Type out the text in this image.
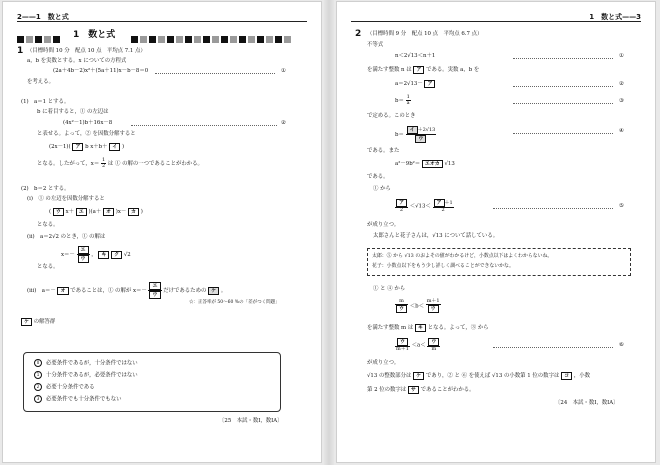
2——1　数と式
1　 数と式
1 （目標時間 10 分　配点 10 点　平均点 7.1 点）
a，b を実数とする。x についての方程式
(2a＋4b－2)x²＋(5a＋11)x－b－8＝0	①
を考える。
(1)　a＝1 とする。
b に着目すると，① の左辺は
(4x²－1)b＋16x－8	②
と表せる。よって，② を因数分解すると
(2x－1)( ア b x＋b＋ イ )
となる。したがって，$x= \frac{1}{2}$ は ① の解の一つであることがわかる。
(2)　b＝2 とする。
(i)　① の左辺を因数分解すると
( ウ x＋ エ )(a＋ オ )x－ カ )
となる。
(ii)　a＝2√2 のとき，① の解は
$x=- \frac{\text{エ}}{\text{ウ}}$ ， キ ク √2
となる。
(iii)　a＝－ オ であることは，① の解が $x=- \frac{\text{エ}}{\text{ウ}}$ だけであるための ケ 。
☆：正答率が 50～60 %の「差がつく問題」
ケ の解答群
0 必要条件であるが，十分条件ではない
1 十分条件であるが，必要条件ではない
2 必要十分条件である
3 必要条件でも十分条件でもない
〔25　本試・数Ⅰ，数ⅠA〕
1　数と式——3
2 （目標時間 9 分　配点 10 点　平均点 6.7 点）
不等式
n＜2√13＜n＋1	①
を満たす整数 n は ア である。実数 a，b を
a＝2√13－ ア	②
$b= \frac{1}{a}$	③
で定める。このとき
$b= \frac{\text{イ ＋2√13}}{\text{ウ}}$	④
である。また
a²－9b²＝ エオカ √13
である。
① から
$\frac{\text{ア}}{2} <√13< \frac{\text{ア ＋1}}{2}$	⑤
が成り立つ。
太郎さんと花子さんは，√13 について話している。
太郎：⑤ から √13 のおよその値がわかるけど，小数点以下はよくわからないね。
花子：小数点以下をもう少し詳しく調べることができないかな。
① と ④ から
$\frac{m}{\text{ウ}} <b< \frac{m+1}{\text{ウ}}$
を満たす整数 m は キ となる。よって，③ から
$\frac{\text{ウ}}{m+1} <a< \frac{\text{ウ}}{m}$	⑥
が成り立つ。
√13 の整数部分は ケ であり，② と ⑥ を使えば √13 の小数第 1 位の数字は コ ，小数
第 2 位の数字は サ であることがわかる。
〔24　本試・数Ⅰ，数ⅠA〕
